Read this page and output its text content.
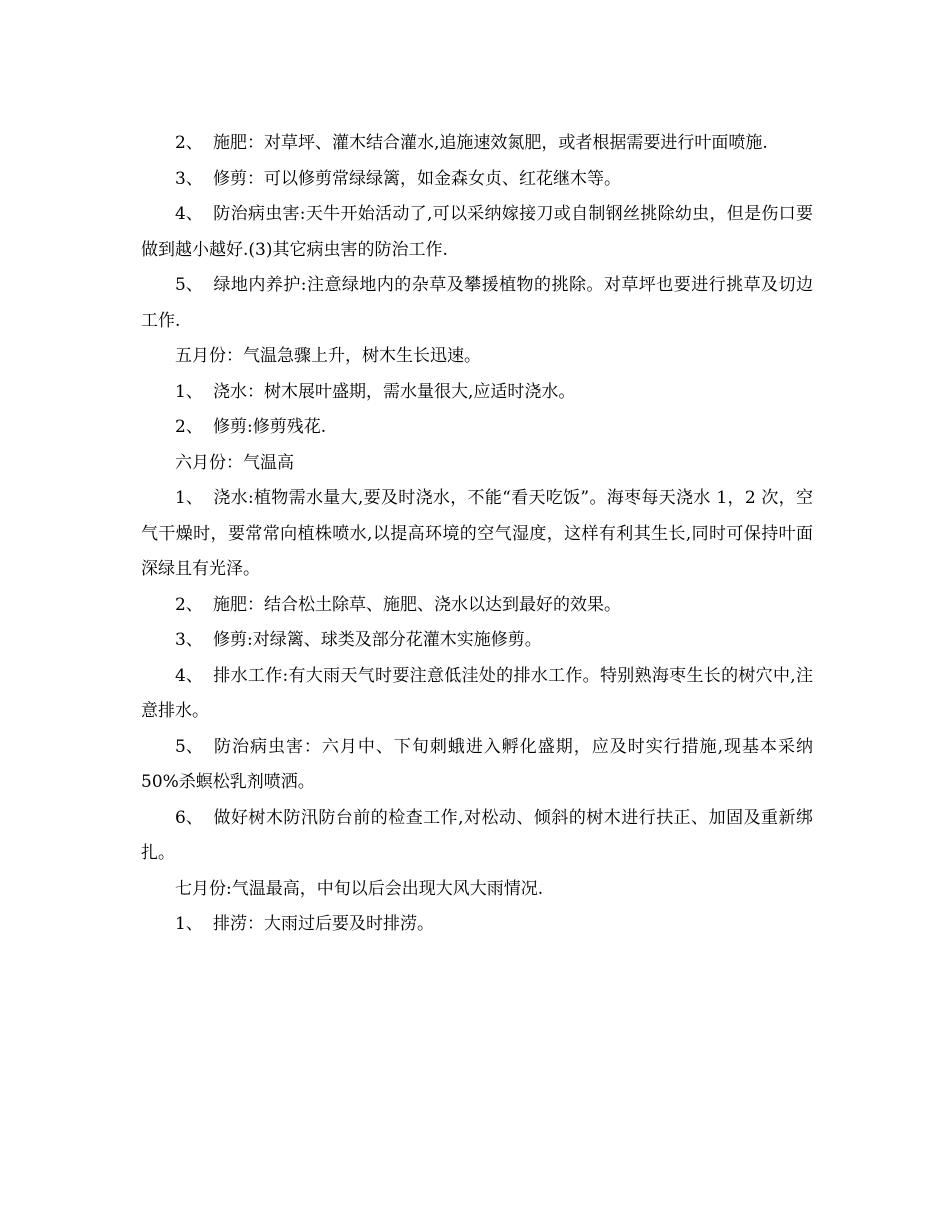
2、 施肥：对草坪、灌木结合灌水,追施速效氮肥，或者根据需要进行叶面喷施.

3、 修剪：可以修剪常绿绿篱，如金森女贞、红花继木等。

4、 防治病虫害:天牛开始活动了,可以采纳嫁接刀或自制钢丝挑除幼虫，但是伤口要做到越小越好.(3)其它病虫害的防治工作.

5、 绿地内养护:注意绿地内的杂草及攀援植物的挑除。对草坪也要进行挑草及切边工作.

五月份：气温急骤上升，树木生长迅速。

1、 浇水：树木展叶盛期，需水量很大,应适时浇水。

2、 修剪:修剪残花.

六月份：气温高

1、 浇水:植物需水量大,要及时浇水，不能“看天吃饭”。海枣每天浇水 1，2 次，空气干燥时，要常常向植株喷水,以提高环境的空气湿度，这样有利其生长,同时可保持叶面深绿且有光泽。

2、 施肥：结合松土除草、施肥、浇水以达到最好的效果。

3、 修剪:对绿篱、球类及部分花灌木实施修剪。

4、 排水工作:有大雨天气时要注意低洼处的排水工作。特别熟海枣生长的树穴中,注意排水。

5、 防治病虫害：六月中、下旬刺蛾进入孵化盛期，应及时实行措施,现基本采纳 50%杀螟松乳剂喷洒。

6、 做好树木防汛防台前的检查工作,对松动、倾斜的树木进行扶正、加固及重新绑扎。

七月份:气温最高，中旬以后会出现大风大雨情况.

1、 排涝：大雨过后要及时排涝。
